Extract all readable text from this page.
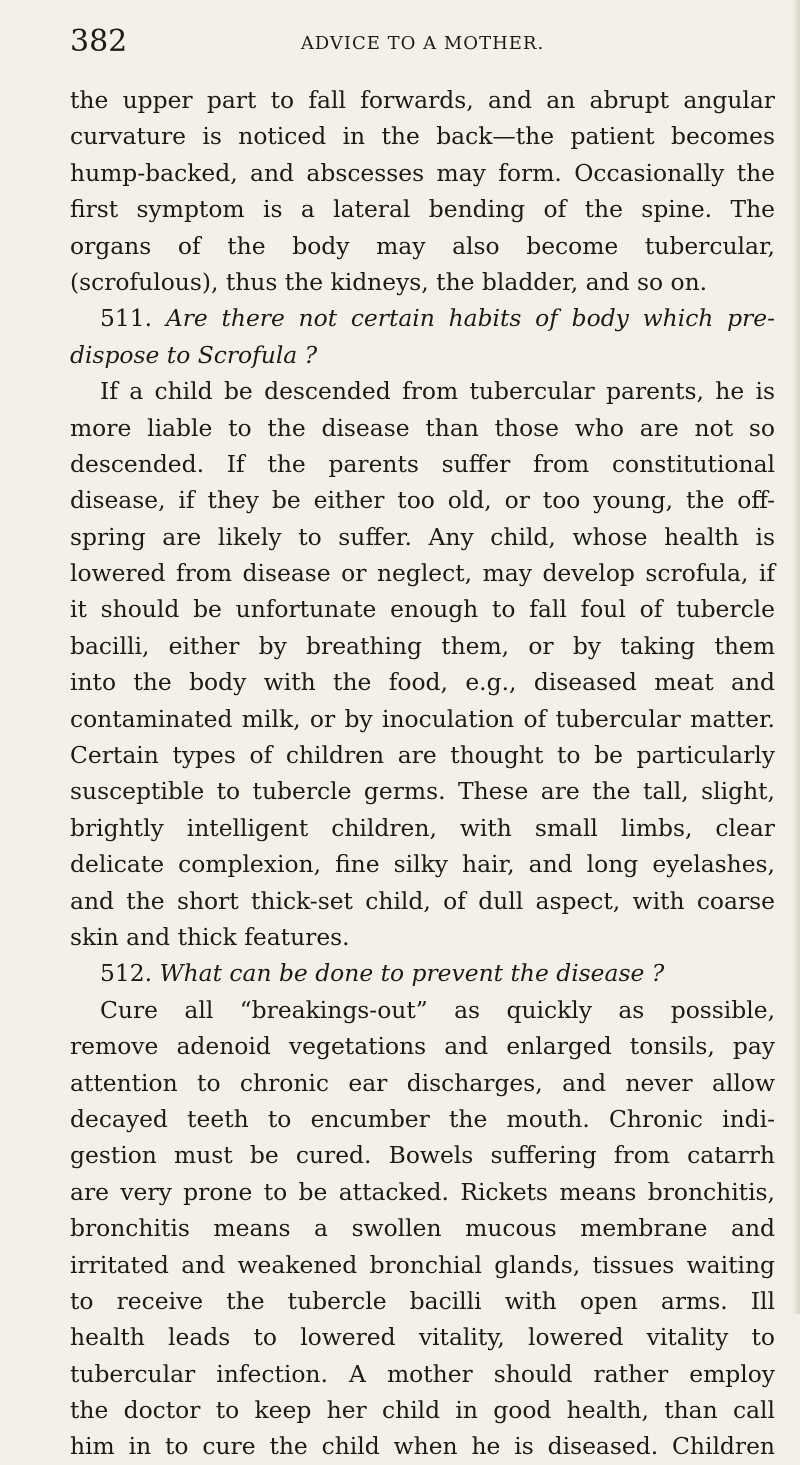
382	ADVICE TO A MOTHER.
the upper part to fall forwards, and an abrupt angular
curvature is noticed in the back—the patient becomes
hump-backed, and abscesses may form. Occasionally the
first symptom is a lateral bending of the spine. The
organs of the body may also become tubercular,
(scrofulous), thus the kidneys, the bladder, and so on.
511. Are there not certain habits of body which pre-
dispose to Scrofula ?
If a child be descended from tubercular parents, he is
more liable to the disease than those who are not so
descended. If the parents suffer from constitutional
disease, if they be either too old, or too young, the off-
spring are likely to suffer. Any child, whose health is
lowered from disease or neglect, may develop scrofula, if
it should be unfortunate enough to fall foul of tubercle
bacilli, either by breathing them, or by taking them
into the body with the food, e.g., diseased meat and
contaminated milk, or by inoculation of tubercular matter.
Certain types of children are thought to be particularly
susceptible to tubercle germs. These are the tall, slight,
brightly intelligent children, with small limbs, clear
delicate complexion, fine silky hair, and long eyelashes,
and the short thick-set child, of dull aspect, with coarse
skin and thick features.
512. What can be done to prevent the disease ?
Cure all “breakings-out” as quickly as possible,
remove adenoid vegetations and enlarged tonsils, pay
attention to chronic ear discharges, and never allow
decayed teeth to encumber the mouth. Chronic indi-
gestion must be cured. Bowels suffering from catarrh
are very prone to be attacked. Rickets means bronchitis,
bronchitis means a swollen mucous membrane and
irritated and weakened bronchial glands, tissues waiting
to receive the tubercle bacilli with open arms. Ill
health leads to lowered vitality, lowered vitality to
tubercular infection. A mother should rather employ
the doctor to keep her child in good health, than call
him in to cure the child when he is diseased. Children
